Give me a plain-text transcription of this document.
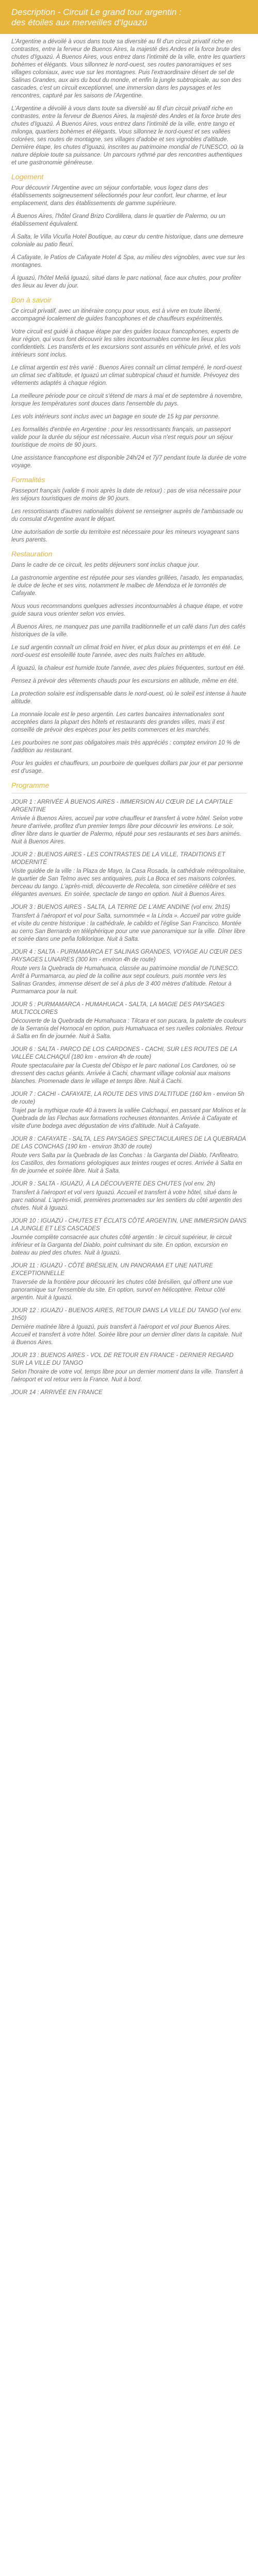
Description - Circuit Le grand tour argentin :
des étoiles aux merveilles d'Iguazú

L'Argentine a dévoilé à vous dans toute sa diversité au fil d'un circuit privatif riche en contrastes, entre la ferveur de Buenos Aires, la majesté des Andes et la force brute des chutes d'Iguazú. À Buenos Aires, vous entrez dans l'intimité de la ville, entre les quartiers bohèmes et élégants. Vous sillonnez le nord-ouest, ses routes panoramiques et ses villages coloniaux, avec vue sur les montagnes. Puis l'extraordinaire désert de sel de Salinas Grandes, aux airs du bout du monde, et enfin la jungle subtropicale, au son des cascades, c'est un circuit exceptionnel, une immersion dans les paysages et les rencontres, capturé par les saisons de l'Argentine.

L'Argentine a dévoilé à vous dans toute sa diversité au fil d'un circuit privatif riche en contrastes, entre la ferveur de Buenos Aires, la majesté des Andes et la force brute des chutes d'Iguazú. À Buenos Aires, vous entrez dans l'intimité de la ville, entre tango et milonga, quartiers bohèmes et élégants. Vous sillonnez le nord-ouest et ses vallées colorées, ses routes de montagne, ses villages d'adobe et ses vignobles d'altitude. Dernière étape, les chutes d'Iguazú, inscrites au patrimoine mondial de l'UNESCO, où la nature déploie toute sa puissance. Un parcours rythmé par des rencontres authentiques et une gastronomie généreuse.

Logement

Pour découvrir l'Argentine avec un séjour confortable, vous logez dans des établissements soigneusement sélectionnés pour leur confort, leur charme, et leur emplacement, dans des établissements de gamme supérieure.

À Buenos Aires, l'hôtel Grand Brizo Cordillera, dans le quartier de Palermo, ou un établissement équivalent.

À Salta, le Villa Vicuña Hotel Boutique, au cœur du centre historique, dans une demeure coloniale au patio fleuri.

À Cafayate, le Patios de Cafayate Hotel & Spa, au milieu des vignobles, avec vue sur les montagnes.

À Iguazú, l'hôtel Meliá Iguazú, situé dans le parc national, face aux chutes, pour profiter des lieux au lever du jour.

Bon à savoir

Ce circuit privatif, avec un itinéraire conçu pour vous, est à vivre en toute liberté, accompagné localement de guides francophones et de chauffeurs expérimentés.

Votre circuit est guidé à chaque étape par des guides locaux francophones, experts de leur région, qui vous font découvrir les sites incontournables comme les lieux plus confidentiels. Les transferts et les excursions sont assurés en véhicule privé, et les vols intérieurs sont inclus.

Le climat argentin est très varié : Buenos Aires connaît un climat tempéré, le nord-ouest un climat sec d'altitude, et Iguazú un climat subtropical chaud et humide. Prévoyez des vêtements adaptés à chaque région.

La meilleure période pour ce circuit s'étend de mars à mai et de septembre à novembre, lorsque les températures sont douces dans l'ensemble du pays.

Les vols intérieurs sont inclus avec un bagage en soute de 15 kg par personne.

Les formalités d'entrée en Argentine : pour les ressortissants français, un passeport valide pour la durée du séjour est nécessaire. Aucun visa n'est requis pour un séjour touristique de moins de 90 jours.

Une assistance francophone est disponible 24h/24 et 7j/7 pendant toute la durée de votre voyage.

Formalités

Passeport français (valide 6 mois après la date de retour) : pas de visa nécessaire pour les séjours touristiques de moins de 90 jours.

Les ressortissants d'autres nationalités doivent se renseigner auprès de l'ambassade ou du consulat d'Argentine avant le départ.

Une autorisation de sortie du territoire est nécessaire pour les mineurs voyageant sans leurs parents.

Restauration

Dans le cadre de ce circuit, les petits déjeuners sont inclus chaque jour.

La gastronomie argentine est réputée pour ses viandes grillées, l'asado, les empanadas, le dulce de leche et ses vins, notamment le malbec de Mendoza et le torrontés de Cafayate.

Nous vous recommandons quelques adresses incontournables à chaque étape, et votre guide saura vous orienter selon vos envies.

À Buenos Aires, ne manquez pas une parrilla traditionnelle et un café dans l'un des cafés historiques de la ville.

Le sud argentin connaît un climat froid en hiver, et plus doux au printemps et en été. Le nord-ouest est ensoleillé toute l'année, avec des nuits fraîches en altitude.

À Iguazú, la chaleur est humide toute l'année, avec des pluies fréquentes, surtout en été.

Pensez à prévoir des vêtements chauds pour les excursions en altitude, même en été.

La protection solaire est indispensable dans le nord-ouest, où le soleil est intense à haute altitude.

La monnaie locale est le peso argentin. Les cartes bancaires internationales sont acceptées dans la plupart des hôtels et restaurants des grandes villes, mais il est conseillé de prévoir des espèces pour les petits commerces et les marchés.

Les pourboires ne sont pas obligatoires mais très appréciés : comptez environ 10 % de l'addition au restaurant.

Pour les guides et chauffeurs, un pourboire de quelques dollars par jour et par personne est d'usage.

Programme
JOUR 1 : ARRIVÉE À BUENOS AIRES - IMMERSION AU CŒUR DE LA CAPITALE ARGENTINE
Arrivée à Buenos Aires, accueil par votre chauffeur et transfert à votre hôtel. Selon votre heure d'arrivée, profitez d'un premier temps libre pour découvrir les environs. Le soir, dîner libre dans le quartier de Palermo, réputé pour ses restaurants et ses bars animés. Nuit à Buenos Aires.
JOUR 2 : BUENOS AIRES - LES CONTRASTES DE LA VILLE, TRADITIONS ET MODERNITÉ
Visite guidée de la ville : la Plaza de Mayo, la Casa Rosada, la cathédrale métropolitaine, le quartier de San Telmo avec ses antiquaires, puis La Boca et ses maisons colorées, berceau du tango. L'après-midi, découverte de Recoleta, son cimetière célèbre et ses élégantes avenues. En soirée, spectacle de tango en option. Nuit à Buenos Aires.
JOUR 3 : BUENOS AIRES - SALTA, LA TERRE DE L'AME ANDINE (vol env. 2h15)
Transfert à l'aéroport et vol pour Salta, surnommée « la Linda ». Accueil par votre guide et visite du centre historique : la cathédrale, le cabildo et l'église San Francisco. Montée au cerro San Bernardo en téléphérique pour une vue panoramique sur la ville. Dîner libre et soirée dans une peña folklorique. Nuit à Salta.
JOUR 4 : SALTA - PURMAMARCA ET SALINAS GRANDES, VOYAGE AU CŒUR DES PAYSAGES LUNAIRES (300 km - environ 4h de route)
Route vers la Quebrada de Humahuaca, classée au patrimoine mondial de l'UNESCO. Arrêt à Purmamarca, au pied de la colline aux sept couleurs, puis montée vers les Salinas Grandes, immense désert de sel à plus de 3 400 mètres d'altitude. Retour à Purmamarca pour la nuit.
JOUR 5 : PURMAMARCA - HUMAHUACA - SALTA, LA MAGIE DES PAYSAGES MULTICOLORES
Découverte de la Quebrada de Humahuaca : Tilcara et son pucara, la palette de couleurs de la Serranía del Hornocal en option, puis Humahuaca et ses ruelles coloniales. Retour à Salta en fin de journée. Nuit à Salta.
JOUR 6 : SALTA - PARCO DE LOS CARDONES - CACHI, SUR LES ROUTES DE LA VALLÉE CALCHAQUÍ (180 km - environ 4h de route)
Route spectaculaire par la Cuesta del Obispo et le parc national Los Cardones, où se dressent des cactus géants. Arrivée à Cachi, charmant village colonial aux maisons blanches. Promenade dans le village et temps libre. Nuit à Cachi.
JOUR 7 : CACHI - CAFAYATE, LA ROUTE DES VINS D'ALTITUDE (160 km - environ 5h de route)
Trajet par la mythique route 40 à travers la vallée Calchaquí, en passant par Molinos et la Quebrada de las Flechas aux formations rocheuses étonnantes. Arrivée à Cafayate et visite d'une bodega avec dégustation de vins d'altitude. Nuit à Cafayate.
JOUR 8 : CAFAYATE - SALTA, LES PAYSAGES SPECTACULAIRES DE LA QUEBRADA DE LAS CONCHAS (190 km - environ 3h30 de route)
Route vers Salta par la Quebrada de las Conchas : la Garganta del Diablo, l'Anfiteatro, los Castillos, des formations géologiques aux teintes rouges et ocres. Arrivée à Salta en fin de journée et soirée libre. Nuit à Salta.
JOUR 9 : SALTA - IGUAZÚ, À LA DÉCOUVERTE DES CHUTES (vol env. 2h)
Transfert à l'aéroport et vol vers Iguazú. Accueil et transfert à votre hôtel, situé dans le parc national. L'après-midi, premières promenades sur les sentiers du côté argentin des chutes. Nuit à Iguazú.
JOUR 10 : IGUAZÚ - CHUTES ET ÉCLATS CÔTÉ ARGENTIN, UNE IMMERSION DANS LA JUNGLE ET LES CASCADES
Journée complète consacrée aux chutes côté argentin : le circuit supérieur, le circuit inférieur et la Garganta del Diablo, point culminant du site. En option, excursion en bateau au pied des chutes. Nuit à Iguazú.
JOUR 11 : IGUAZÚ - CÔTÉ BRÉSILIEN, UN PANORAMA ET UNE NATURE EXCEPTIONNELLE
Traversée de la frontière pour découvrir les chutes côté brésilien, qui offrent une vue panoramique sur l'ensemble du site. En option, survol en hélicoptère. Retour côté argentin. Nuit à Iguazú.
JOUR 12 : IGUAZÚ - BUENOS AIRES, RETOUR DANS LA VILLE DU TANGO (vol env. 1h50)
Dernière matinée libre à Iguazú, puis transfert à l'aéroport et vol pour Buenos Aires. Accueil et transfert à votre hôtel. Soirée libre pour un dernier dîner dans la capitale. Nuit à Buenos Aires.
JOUR 13 : BUENOS AIRES - VOL DE RETOUR EN FRANCE - DERNIER REGARD SUR LA VILLE DU TANGO
Selon l'horaire de votre vol, temps libre pour un dernier moment dans la ville. Transfert à l'aéroport et vol retour vers la France. Nuit à bord.
JOUR 14 : ARRIVÉE EN FRANCE
